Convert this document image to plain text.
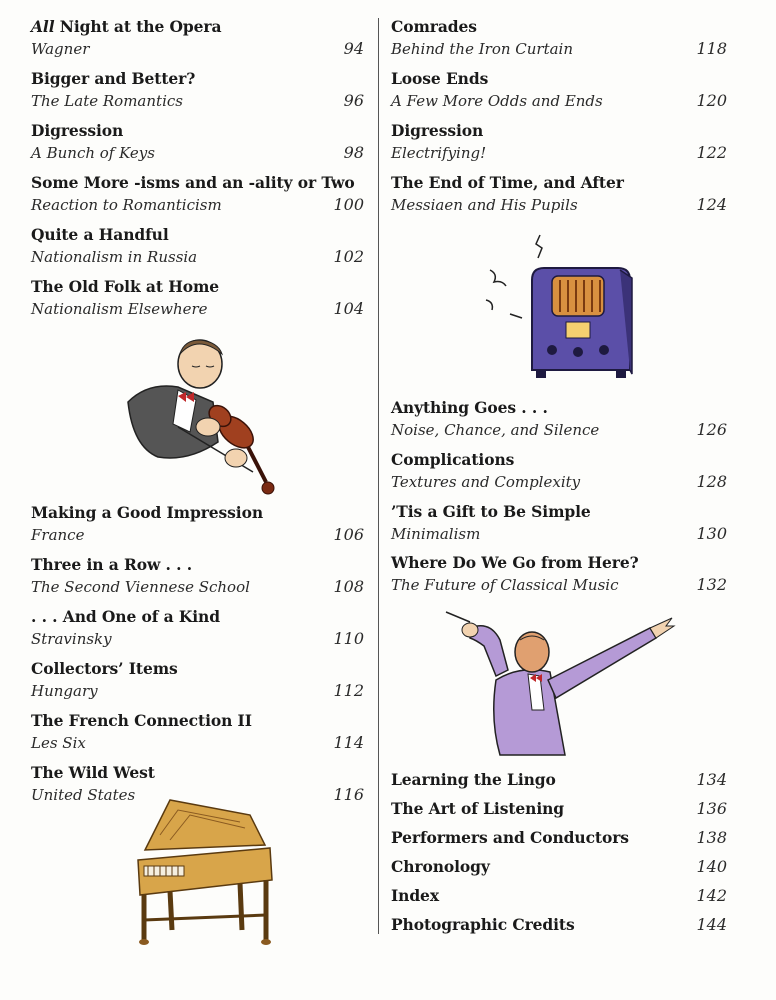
All Night at the Opera
Wagner	94
Bigger and Better?
The Late Romantics	96
Digression
A Bunch of Keys	98
Some More -isms and an -ality or Two
Reaction to Romanticism	100
Quite a Handful
Nationalism in Russia	102
The Old Folk at Home
Nationalism Elsewhere	104
Making a Good Impression
France	106
Three in a Row . . .
The Second Viennese School	108
. . . And One of a Kind
Stravinsky	110
Collectors’ Items
Hungary	112
The French Connection II
Les Six	114
The Wild West
United States	116
Comrades
Behind the Iron Curtain	118
Loose Ends
A Few More Odds and Ends	120
Digression
Electrifying!	122
The End of Time, and After
Messiaen and His Pupils	124
Anything Goes . . .
Noise, Chance, and Silence	126
Complications
Textures and Complexity	128
’Tis a Gift to Be Simple
Minimalism	130
Where Do We Go from Here?
The Future of Classical Music	132
Learning the Lingo	134
The Art of Listening	136
Performers and Conductors	138
Chronology	140
Index	142
Photographic Credits	144
